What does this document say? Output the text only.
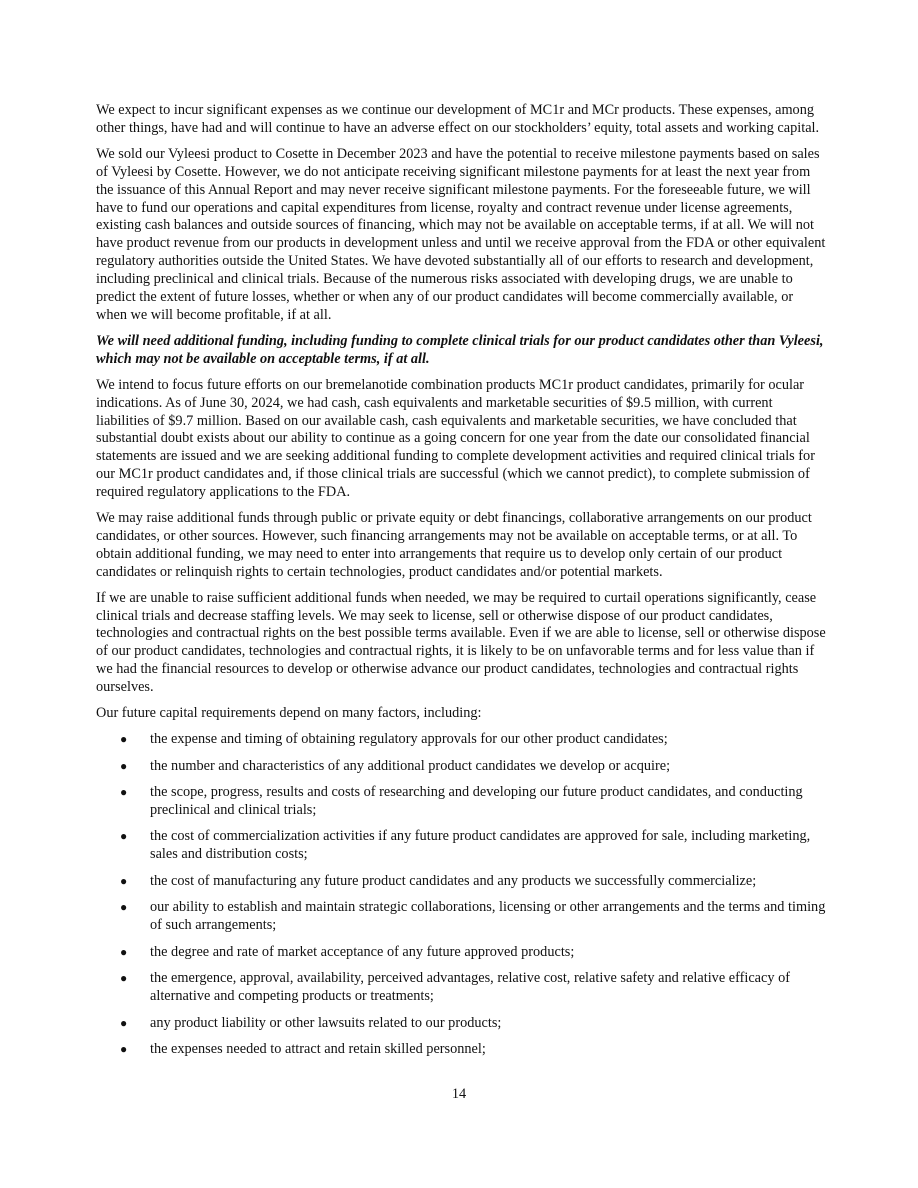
We expect to incur significant expenses as we continue our development of MC1r and MCr products. These expenses, among other things, have had and will continue to have an adverse effect on our stockholders’ equity, total assets and working capital.

We sold our Vyleesi product to Cosette in December 2023 and have the potential to receive milestone payments based on sales of Vyleesi by Cosette. However, we do not anticipate receiving significant milestone payments for at least the next year from the issuance of this Annual Report and may never receive significant milestone payments. For the foreseeable future, we will have to fund our operations and capital expenditures from license, royalty and contract revenue under license agreements, existing cash balances and outside sources of financing, which may not be available on acceptable terms, if at all. We will not have product revenue from our products in development unless and until we receive approval from the FDA or other equivalent regulatory authorities outside the United States. We have devoted substantially all of our efforts to research and development, including preclinical and clinical trials. Because of the numerous risks associated with developing drugs, we are unable to predict the extent of future losses, whether or when any of our product candidates will become commercially available, or when we will become profitable, if at all.

We will need additional funding, including funding to complete clinical trials for our product candidates other than Vyleesi, which may not be available on acceptable terms, if at all.

We intend to focus future efforts on our bremelanotide combination products MC1r product candidates, primarily for ocular indications. As of June 30, 2024, we had cash, cash equivalents and marketable securities of $9.5 million, with current liabilities of $9.7 million. Based on our available cash, cash equivalents and marketable securities, we have concluded that substantial doubt exists about our ability to continue as a going concern for one year from the date our consolidated financial statements are issued and we are seeking additional funding to complete development activities and required clinical trials for our MC1r product candidates and, if those clinical trials are successful (which we cannot predict), to complete submission of required regulatory applications to the FDA.

We may raise additional funds through public or private equity or debt financings, collaborative arrangements on our product candidates, or other sources. However, such financing arrangements may not be available on acceptable terms, or at all. To obtain additional funding, we may need to enter into arrangements that require us to develop only certain of our product candidates or relinquish rights to certain technologies, product candidates and/or potential markets.

If we are unable to raise sufficient additional funds when needed, we may be required to curtail operations significantly, cease clinical trials and decrease staffing levels. We may seek to license, sell or otherwise dispose of our product candidates, technologies and contractual rights on the best possible terms available. Even if we are able to license, sell or otherwise dispose of our product candidates, technologies and contractual rights, it is likely to be on unfavorable terms and for less value than if we had the financial resources to develop or otherwise advance our product candidates, technologies and contractual rights ourselves.

Our future capital requirements depend on many factors, including:

● the expense and timing of obtaining regulatory approvals for our other product candidates;
● the number and characteristics of any additional product candidates we develop or acquire;
● the scope, progress, results and costs of researching and developing our future product candidates, and conducting preclinical and clinical trials;
● the cost of commercialization activities if any future product candidates are approved for sale, including marketing, sales and distribution costs;
● the cost of manufacturing any future product candidates and any products we successfully commercialize;
● our ability to establish and maintain strategic collaborations, licensing or other arrangements and the terms and timing of such arrangements;
● the degree and rate of market acceptance of any future approved products;
● the emergence, approval, availability, perceived advantages, relative cost, relative safety and relative efficacy of alternative and competing products or treatments;
● any product liability or other lawsuits related to our products;
● the expenses needed to attract and retain skilled personnel;
14
